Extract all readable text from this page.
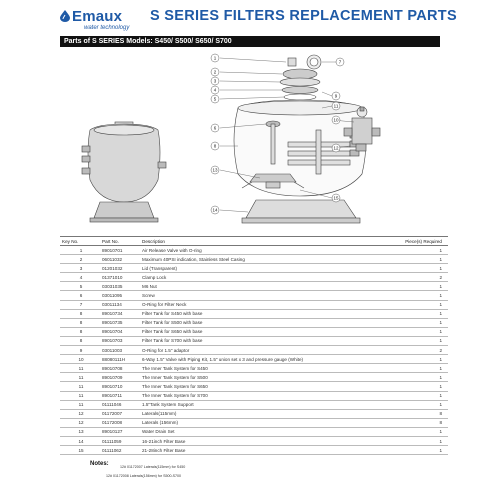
Emaux
water technology
S SERIES FILTERS REPLACEMENT PARTS
Parts of S SERIES Models: S450/ S500/ S650/ S700
1
2
3
4
5
6
7
8
9
10
11
12
13
14
15
Key No.	Part No.	Description	Piece(s) Required
1	89010701	Air Release Valve with O-ring	1
2	06011032	Maximum 40PSI indication, Stainless Steel Casing	1
3	01201032	Lid (Transparent)	1
4	01371010	Clamp Lock	2
5	03031035	M6 Nut	1
6	03011095	Screw	1
7	03011134	O-Ring for Filter Neck	1
8	89010734	Filter Tank for S450 with base	1
8	89010735	Filter Tank for S500 with base	1
8	89010704	Filter Tank for S650 with base	1
8	89010703	Filter Tank for S700 with base	1
9	03011003	O-Ring for 1.5" adaptor	2
10	88080111H	6-Way 1.5" Valve with Piping Kit, 1.5" union set x 3 and pressure gauge (White)	1
11	89010708	The Inner Tank System for S450	1
11	89010709	The Inner Tank System for S500	1
11	89010710	The Inner Tank System for S650	1
11	89010711	The Inner Tank System for S700	1
11	01111046	1.5"Tank System Support	1
12	01172007	Laterals(115mm)	8
12	01172008	Laterals (156mm)	8
13	89010127	Water Drain Set	1
14	01111059	16-21inch Filter Base	1
15	01111062	21-28inch Filter Base	1
Notes:	12# 01172007 Laterals(115mm) for S450
12# 01172008 Laterals(156mm) for S500-S700
